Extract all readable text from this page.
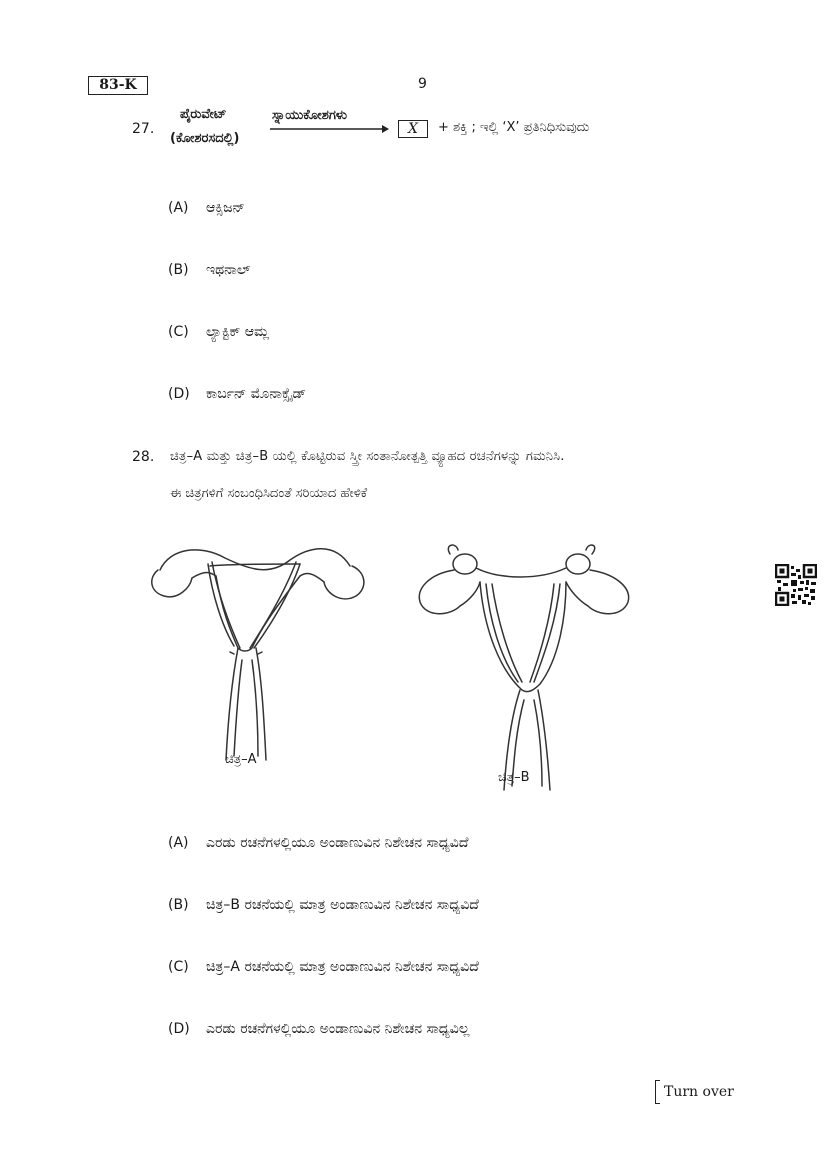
83-K	9
27.
ಪೈರುವೇಟ್
(ಕೋಶರಸದಲ್ಲಿ)
ಸ್ನಾಯುಕೋಶಗಳು
X	+ ಶಕ್ತಿ ; ಇಲ್ಲಿ ‘X’ ಪ್ರತಿನಿಧಿಸುವುದು
(A) ಆಕ್ಸಿಜನ್
(B) ಇಥನಾಲ್
(C) ಲ್ಯಾಕ್ಟಿಕ್ ಆಮ್ಲ
(D) ಕಾರ್ಬನ್ ಮೊನಾಕ್ಸೈಡ್
28. ಚಿತ್ರ–A ಮತ್ತು ಚಿತ್ರ–B ಯಲ್ಲಿ ಕೊಟ್ಟಿರುವ ಸ್ತ್ರೀ ಸಂತಾನೋತ್ಪತ್ತಿ ವ್ಯೂಹದ ರಚನೆಗಳನ್ನು ಗಮನಿಸಿ.
ಈ ಚಿತ್ರಗಳಿಗೆ ಸಂಬಂಧಿಸಿದಂತೆ ಸರಿಯಾದ ಹೇಳಿಕೆ
ಚಿತ್ರ–A
ಚಿತ್ರ–B
(A) ಎರಡು ರಚನೆಗಳಲ್ಲಿಯೂ ಅಂಡಾಣುವಿನ ನಿಶೇಚನ ಸಾಧ್ಯವಿದೆ
(B) ಚಿತ್ರ–B ರಚನೆಯಲ್ಲಿ ಮಾತ್ರ ಅಂಡಾಣುವಿನ ನಿಶೇಚನ ಸಾಧ್ಯವಿದೆ
(C) ಚಿತ್ರ–A ರಚನೆಯಲ್ಲಿ ಮಾತ್ರ ಅಂಡಾಣುವಿನ ನಿಶೇಚನ ಸಾಧ್ಯವಿದೆ
(D) ಎರಡು ರಚನೆಗಳಲ್ಲಿಯೂ ಅಂಡಾಣುವಿನ ನಿಶೇಚನ ಸಾಧ್ಯವಿಲ್ಲ
Turn over
